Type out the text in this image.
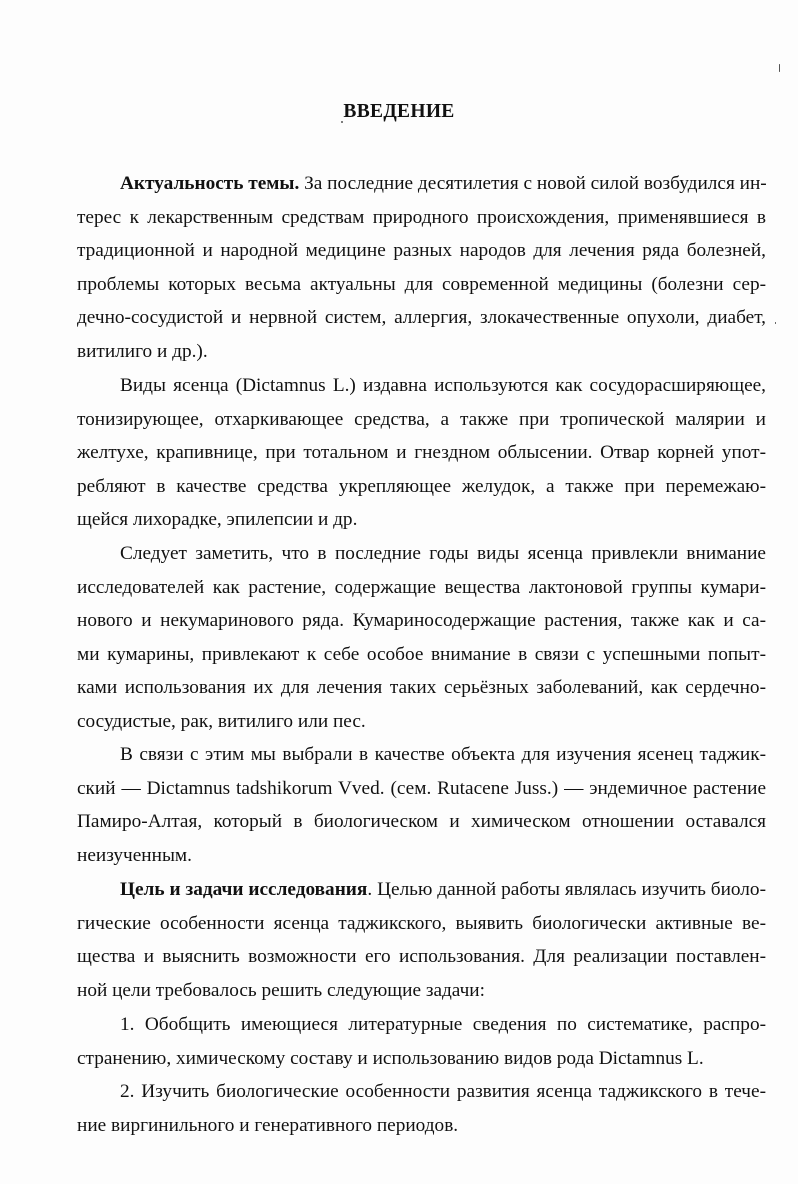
ВВЕДЕНИЕ
Актуальность темы. За последние десятилетия с новой силой возбудился ин-
терес к лекарственным средствам природного происхождения, применявшиеся в
традиционной и народной медицине разных народов для лечения ряда болезней,
проблемы которых весьма актуальны для современной медицины (болезни сер-
дечно-сосудистой и нервной систем, аллергия, злокачественные опухоли, диабет,
витилиго и др.).
Виды ясенца (Dictamnus L.) издавна используются как сосудорасширяющее,
тонизирующее, отхаркивающее средства, а также при тропической малярии и
желтухе, крапивнице, при тотальном и гнездном облысении. Отвар корней упот-
ребляют в качестве средства укрепляющее желудок, а также при перемежаю-
щейся лихорадке, эпилепсии и др.
Следует заметить, что в последние годы виды ясенца привлекли внимание
исследователей как растение, содержащие вещества лактоновой группы кумари-
нового и некумаринового ряда. Кумариносодержащие растения, также как и са-
ми кумарины, привлекают к себе особое внимание в связи с успешными попыт-
ками использования их для лечения таких серьёзных заболеваний, как сердечно-
сосудистые, рак, витилиго или пес.
В связи с этим мы выбрали в качестве объекта для изучения ясенец таджик-
ский — Dictamnus tadshikorum Vved. (сем. Rutacene Juss.) — эндемичное растение
Памиро-Алтая, который в биологическом и химическом отношении оставался
неизученным.
Цель и задачи исследования. Целью данной работы являлась изучить биоло-
гические особенности ясенца таджикского, выявить биологически активные ве-
щества и выяснить возможности его использования. Для реализации поставлен-
ной цели требовалось решить следующие задачи:
1. Обобщить имеющиеся литературные сведения по систематике, распро-
странению, химическому составу и использованию видов рода Dictamnus L.
2. Изучить биологические особенности развития ясенца таджикского в тече-
ние виргинильного и генеративного периодов.
